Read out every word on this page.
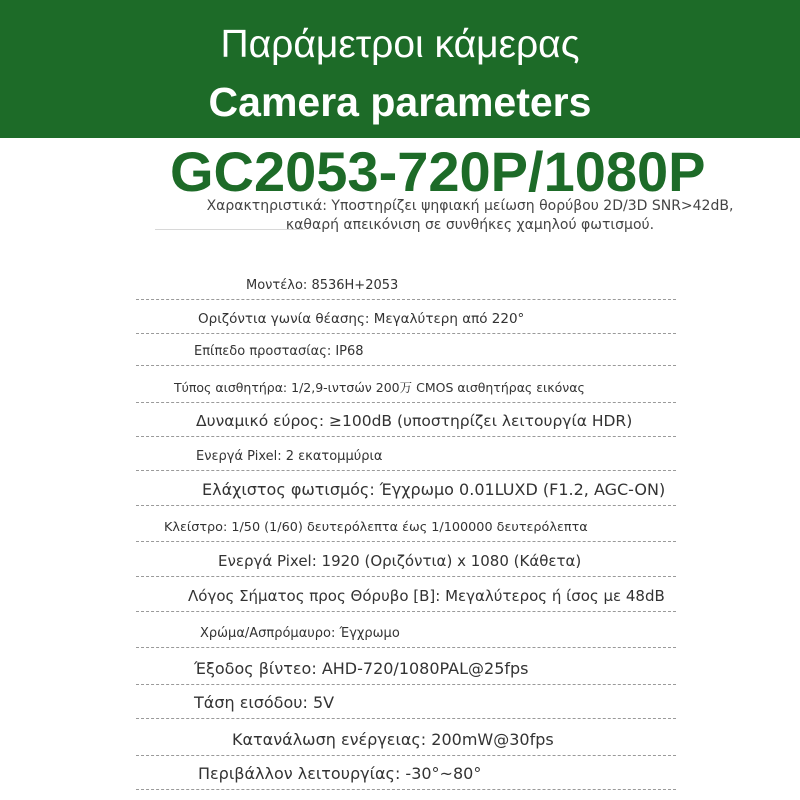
Παράμετροι κάμερας
Camera parameters
GC2053-720P/1080P
Χαρακτηριστικά: Υποστηρίζει ψηφιακή μείωση θορύβου 2D/3D SNR>42dB,
καθαρή απεικόνιση σε συνθήκες χαμηλού φωτισμού.
Μοντέλο: 8536H+2053
Οριζόντια γωνία θέασης: Μεγαλύτερη από 220°
Επίπεδο προστασίας: IP68
Τύπος αισθητήρα: 1/2,9-ιντσών 200万 CMOS αισθητήρας εικόνας
Δυναμικό εύρος: ≥100dB (υποστηρίζει λειτουργία HDR)
Ενεργά Pixel: 2 εκατομμύρια
Ελάχιστος φωτισμός: Έγχρωμο 0.01LUXD (F1.2, AGC-ON)
Κλείστρο: 1/50 (1/60) δευτερόλεπτα έως 1/100000 δευτερόλεπτα
Ενεργά Pixel: 1920 (Οριζόντια) x 1080 (Κάθετα)
Λόγος Σήματος προς Θόρυβο [B]: Μεγαλύτερος ή ίσος με 48dB
Χρώμα/Ασπρόμαυρο: Έγχρωμο
Έξοδος βίντεο: AHD-720/1080PAL@25fps
Τάση εισόδου: 5V
Κατανάλωση ενέργειας: 200mW@30fps
Περιβάλλον λειτουργίας: -30°~80°
